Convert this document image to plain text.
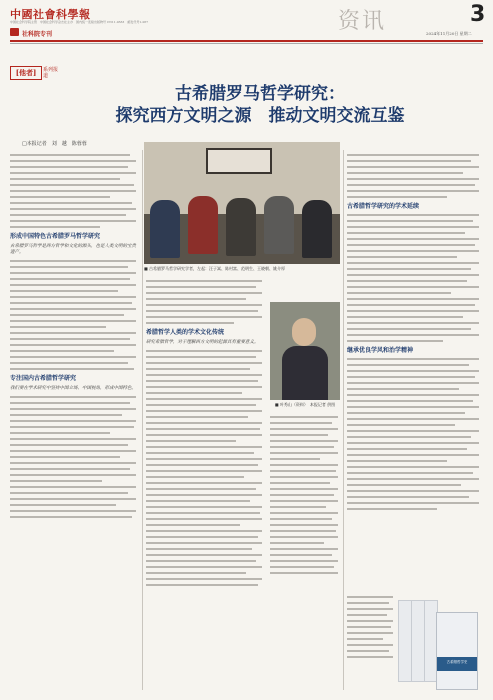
中國社會科學報
中国社会科学院主管　中国社会科学杂志社主办　国内统一连续出版物号 CN11-0333　邮发代号1-287
社科院专刊
资讯	3
2024年11月20日 星期二
[他者]	系列报道
古希腊罗马哲学研究：
探究西方文明之源　推动文明交流互鉴
□本报记者　刘　越　陈蓉蓉
形成中国特色古希腊罗马哲学研究
古希腊罗马哲学是西方哲学和文化的源头，也是人类文明的宝贵遗产。
专注国内古希腊哲学研究
我们要在学术研究中坚持中国立场、中国视角，形成中国特色。
■ 古希腊罗马哲学研究学者，左起：汪子嵩、陈村富、范明生、王晓朝、姚介厚
希腊哲学人类的学术文化传统
研究希腊哲学，对于理解西方文明的起源具有重要意义。
■ 叶秀山（资料）　本报记者 供图
古希腊哲学研究的学术延续
继承优良学风和治学精神
古希腊哲学史
